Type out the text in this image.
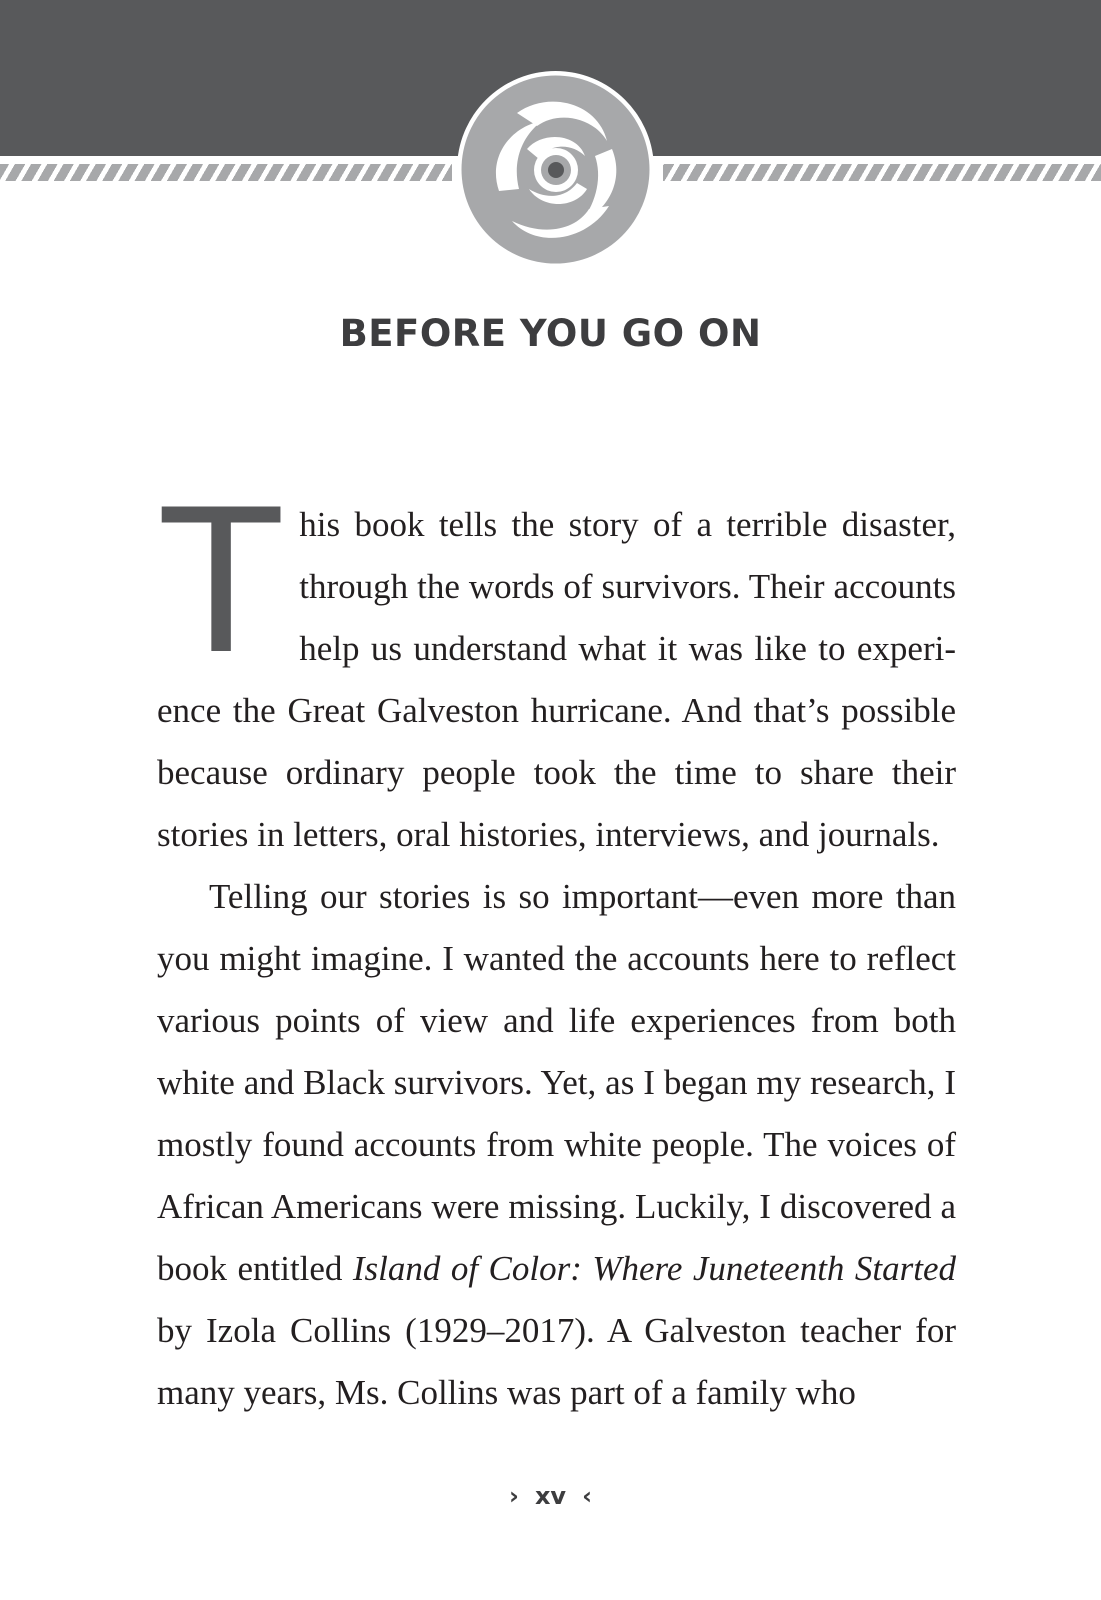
BEFORE YOU GO ON

This book tells the story of a terrible disaster, through the words of survivors. Their accounts help us understand what it was like to experience the Great Galveston hurricane. And that’s possible because ordinary people took the time to share their stories in letters, oral histories, interviews, and journals.

Telling our stories is so important—even more than you might imagine. I wanted the accounts here to reflect various points of view and life experiences from both white and Black survivors. Yet, as I began my research, I mostly found accounts from white people. The voices of African Americans were missing. Luckily, I discovered a book entitled Island of Color: Where Juneteenth Started by Izola Collins (1929–2017). A Galveston teacher for many years, Ms. Collins was part of a family who

› xv ‹
